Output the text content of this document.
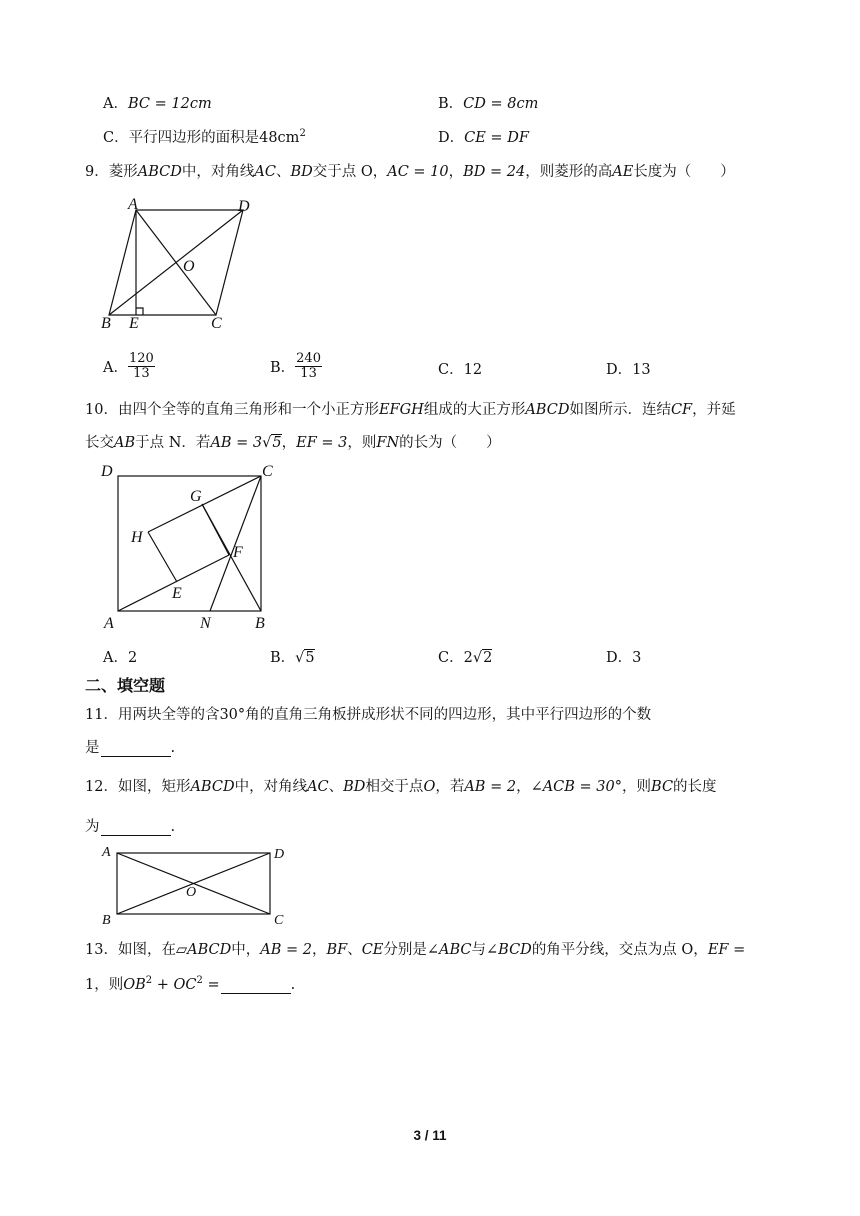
A．BC = 12cm	B．CD = 8cm
C．平行四边形的面积是$48cm^2$	D．CE = DF
9．菱形ABCD中，对角线AC、BD交于点 O，AC = 10，BD = 24，则菱形的高AE长度为（　　）
A	D
O
B E	C
A． $\frac{120}{13}$	B． $\frac{240}{13}$	C．12	D．13
10．由四个全等的直角三角形和一个小正方形EFGH组成的大正方形ABCD如图所示．连结CF，并延
长交AB于点 N．若AB = 3√5，EF = 3，则FN的长为（　　）
D	C
G
H
F
E
A	N	B
A．2	B．√5	C．2√2	D．3
二、填空题
11．用两块全等的含30°角的直角三角板拼成形状不同的四边形，其中平行四边形的个数
是	.
12．如图，矩形ABCD中，对角线AC、BD相交于点O，若AB = 2，∠ACB = 30°，则BC的长度
为	.
A	D
O
B	C
13．如图，在▱ABCD中，AB = 2，BF、CE分别是∠ABC与∠BCD的角平分线，交点为点 O，EF =
1，则$OB^2 + OC^2$ =	.
3 / 11
